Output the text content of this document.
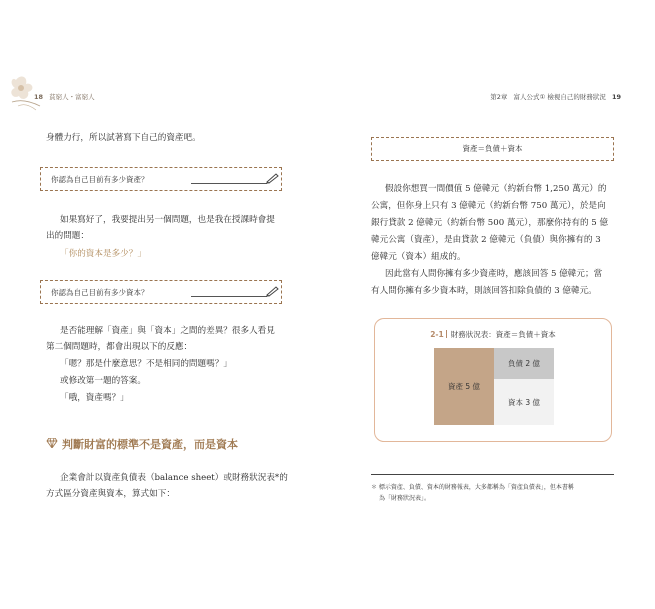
18 貧窮人・富窮人
身體力行，所以試著寫下自己的資產吧。
你認為自己目前有多少資產？
如果寫好了，我要提出另一個問題，也是我在授課時會提
出的問題：
「你的資本是多少？」
你認為自己目前有多少資本？
是否能理解「資產」與「資本」之間的差異？很多人看見
第二個問題時，都會出現以下的反應：
「嗯？那是什麼意思？不是相同的問題嗎？」
或修改第一題的答案。
「哦，資產嗎？」
判斷財富的標準不是資產，而是資本
企業會計以資產負債表（balance sheet）或財務狀況表*的
方式區分資產與資本，算式如下：
第2章 富人公式① 檢視自己的財務狀況 19
資產＝負債＋資本
假設你想買一間價值 5 億韓元（約新台幣 1,250 萬元）的
公寓，但你身上只有 3 億韓元（約新台幣 750 萬元），於是向
銀行貸款 2 億韓元（約新台幣 500 萬元），那麼你持有的 5 億
韓元公寓（資產），是由貸款 2 億韓元（負債）與你擁有的 3
億韓元（資本）組成的。
因此當有人問你擁有多少資產時，應該回答 5 億韓元；當
有人問你擁有多少資本時，則該回答扣除負債的 3 億韓元。
2-1 財務狀況表：資產＝負債＋資本
資產 5 億
負債 2 億
資本 3 億
＊ 標示資產、負債、資本的財務報表，大多都稱為「資產負債表」，但本書稱
為「財務狀況表」。
